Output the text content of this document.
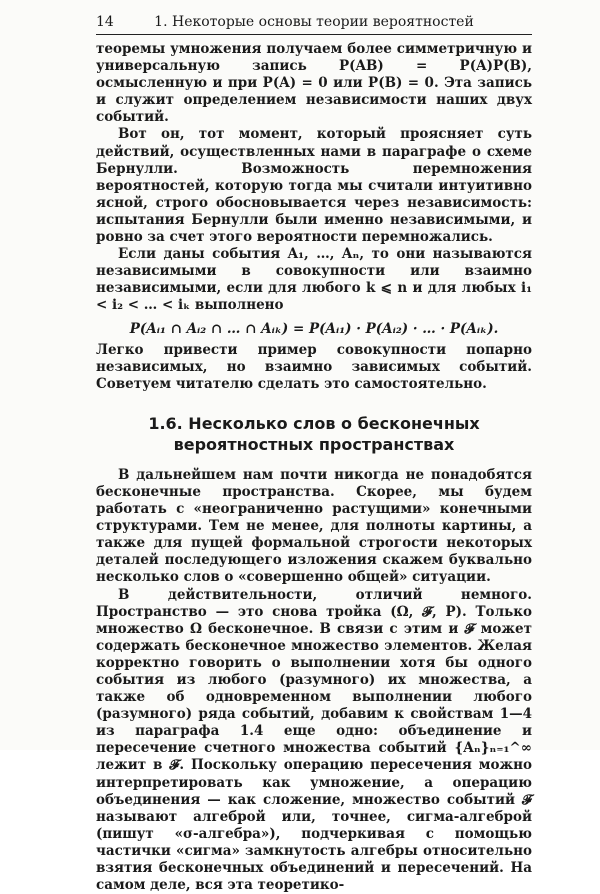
14	1. Некоторые основы теории вероятностей

теоремы умножения получаем более симметричную и универсальную запись P(AB) = P(A)P(B), осмысленную и при P(A) = 0 или P(B) = 0. Эта запись и служит определением независимости наших двух событий.

Вот он, тот момент, который проясняет суть действий, осуществленных нами в параграфе о схеме Бернулли. Возможность перемножения вероятностей, которую тогда мы считали интуитивно ясной, строго обосновывается через независимость: испытания Бернулли были именно независимыми, и ровно за счет этого вероятности перемножались.

Если даны события A₁, …, Aₙ, то они называются независимыми в совокупности или взаимно независимыми, если для любого k ⩽ n и для любых i₁ < i₂ < … < iₖ выполнено

P(Aᵢ₁ ∩ Aᵢ₂ ∩ … ∩ Aᵢₖ) = P(Aᵢ₁) · P(Aᵢ₂) · … · P(Aᵢₖ).

Легко привести пример совокупности попарно независимых, но взаимно зависимых событий. Советуем читателю сделать это самостоятельно.

1.6. Несколько слов о бесконечных вероятностных пространствах

В дальнейшем нам почти никогда не понадобятся бесконечные пространства. Скорее, мы будем работать с «неограниченно растущими» конечными структурами. Тем не менее, для полноты картины, а также для пущей формальной строгости некоторых деталей последующего изложения скажем буквально несколько слов о «совершенно общей» ситуации.

В действительности, отличий немного. Пространство — это снова тройка (Ω, 𝓕, P). Только множество Ω бесконечное. В связи с этим и 𝓕 может содержать бесконечное множество элементов. Желая корректно говорить о выполнении хотя бы одного события из любого (разумного) их множества, а также об одновременном выполнении любого (разумного) ряда событий, добавим к свойствам 1—4 из параграфа 1.4 еще одно: объединение и пересечение счетного множества событий {Aₙ}ₙ₌₁^∞ лежит в 𝓕. Поскольку операцию пересечения можно интерпретировать как умножение, а операцию объединения — как сложение, множество событий 𝓕 называют алгеброй или, точнее, сигма-алгеброй (пишут «σ-алгебра»), подчеркивая с помощью частички «сигма» замкнутость алгебры относительно взятия бесконечных объединений и пересечений. На самом деле, вся эта теоретико-
